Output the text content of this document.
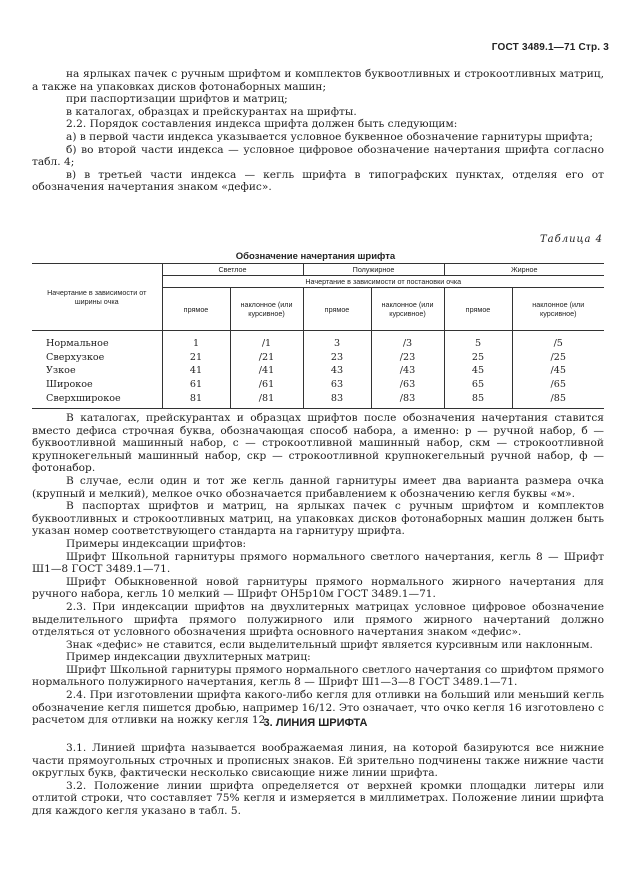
ГОСТ 3489.1—71 Стр. 3

на ярлыках пачек с ручным шрифтом и комплектов буквоотливных и строкоотливных матриц, а также на упаковках дисков фотонаборных машин;

при паспортизации шрифтов и матриц;

в каталогах, образцах и прейскурантах на шрифты.

2.2. Порядок составления индекса шрифта должен быть следующим:

а) в первой части индекса указывается условное буквенное обозначение гарнитуры шрифта;

б) во второй части индекса — условное цифровое обозначение начертания шрифта согласно табл. 4;

в) в третьей части индекса — кегль шрифта в типографских пунктах, отделяя его от обозначения начертания знаком «дефис».

Таблица 4
Обозначение начертания шрифта
Начертание в зависимости от ширины очка	Светлое		Полужирное		Жирное	
	Начертание в зависимости от постановки очка					
	прямое	наклонное (или курсивное)	прямое	наклонное (или курсивное)	прямое	наклонное (или курсивное)
Нормальное	1	/1	3	/3	5	/5
Сверхузкое	21	/21	23	/23	25	/25
Узкое	41	/41	43	/43	45	/45
Широкое	61	/61	63	/63	65	/65
Сверхширокое	81	/81	83	/83	85	/85

В каталогах, прейскурантах и образцах шрифтов после обозначения начертания ставится вместо дефиса строчная буква, обозначающая способ набора, а именно: р — ручной набор, б — буквоотливной машинный набор, с — строкоотливной машинный набор, скм — строкоотливной крупнокегельный машинный набор, скр — строкоотливной крупнокегельный ручной набор, ф — фотонабор.

В случае, если один и тот же кегль данной гарнитуры имеет два варианта размера очка (крупный и мелкий), мелкое очко обозначается прибавлением к обозначению кегля буквы «м».

В паспортах шрифтов и матриц, на ярлыках пачек с ручным шрифтом и комплектов буквоотливных и строкоотливных матриц, на упаковках дисков фотонаборных машин должен быть указан номер соответствующего стандарта на гарнитуру шрифта.

Примеры индексации шрифтов:

Шрифт Школьной гарнитуры прямого нормального светлого начертания, кегль 8 — Шрифт Ш1—8 ГОСТ 3489.1—71.

Шрифт Обыкновенной новой гарнитуры прямого нормального жирного начертания для ручного набора, кегль 10 мелкий — Шрифт ОН5р10м ГОСТ 3489.1—71.

2.3. При индексации шрифтов на двухлитерных матрицах условное цифровое обозначение выделительного шрифта прямого полужирного или прямого жирного начертаний должно отделяться от условного обозначения шрифта основного начертания знаком «дефис».

Знак «дефис» не ставится, если выделительный шрифт является курсивным или наклонным.

Пример индексации двухлитерных матриц:

Шрифт Школьной гарнитуры прямого нормального светлого начертания со шрифтом прямого нормального полужирного начертания, кегль 8 — Шрифт Ш1—3—8 ГОСТ 3489.1—71.

2.4. При изготовлении шрифта какого-либо кегля для отливки на больший или меньший кегль обозначение кегля пишется дробью, например 16/12. Это означает, что очко кегля 16 изготовлено с расчетом для отливки на ножку кегля 12.

3. ЛИНИЯ ШРИФТА

3.1. Линией шрифта называется воображаемая линия, на которой базируются все нижние части прямоугольных строчных и прописных знаков. Ей зрительно подчинены также нижние части округлых букв, фактически несколько свисающие ниже линии шрифта.

3.2. Положение линии шрифта определяется от верхней кромки площадки литеры или отлитой строки, что составляет 75% кегля и измеряется в миллиметрах. Положение линии шрифта для каждого кегля указано в табл. 5.
